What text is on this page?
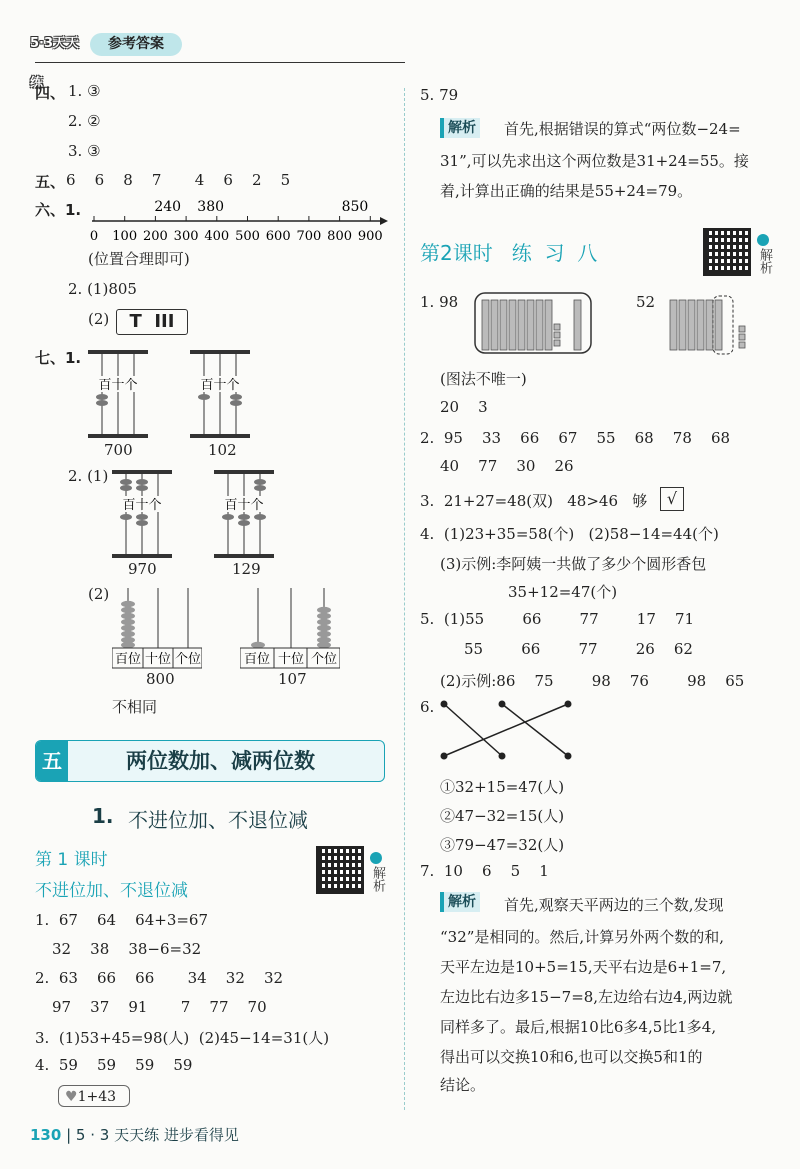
5·3天天练
参考答案
四、 1. ③
2. ②
3. ③
五、 6    6    8    7       4    6    2    5
六、1.
0 100 200 300 400 500 600 700 800 900
240 380	850
(位置合理即可)
2. (1)805
(2)	T  III
七、1.
百十个
700
百十个
102
2. (1)
百十个
970
百十个
129
(2)
百位 十位 个位
800
百位 十位 个位
107
不相同
五	两位数加、减两位数
1. 不进位加、不退位减
解析
第 1 课时
不进位加、不退位减
1.  67    64    64+3=67
32    38    38−6=32
2.  63    66    66       34    32    32
97    37    91       7    77    70
3.  (1)53+45=98(人)  (2)45−14=31(人)
4.  59    59    59    59
♥1+43
5. 79
解析 首先,根据错误的算式“两位数−24=
31”,可以先求出这个两位数是31+24=55。接
着,计算出正确的结果是55+24=79。
第2课时   练  习  八	解析
1. 98	52
(图法不唯一)
20    3
2.  95    33    66    67    55    68    78    68
40    77    30    26
3.  21+27=48(双)   48>46   够	√
4.  (1)23+35=58(个)   (2)58−14=44(个)
(3)示例:李阿姨一共做了多少个圆形香包
35+12=47(个)
5.  (1)55        66        77        17    71
55        66        77        26    62
(2)示例:86    75        98    76        98    65
6.
①32+15=47(人)
②47−32=15(人)
③79−47=32(人)
7.  10    6    5    1
解析 首先,观察天平两边的三个数,发现
“32”是相同的。然后,计算另外两个数的和,
天平左边是10+5=15,天平右边是6+1=7,
左边比右边多15−7=8,左边给右边4,两边就
同样多了。最后,根据10比6多4,5比1多4,
得出可以交换10和6,也可以交换5和1的
结论。
130 | 5 · 3 天天练 进步看得见
